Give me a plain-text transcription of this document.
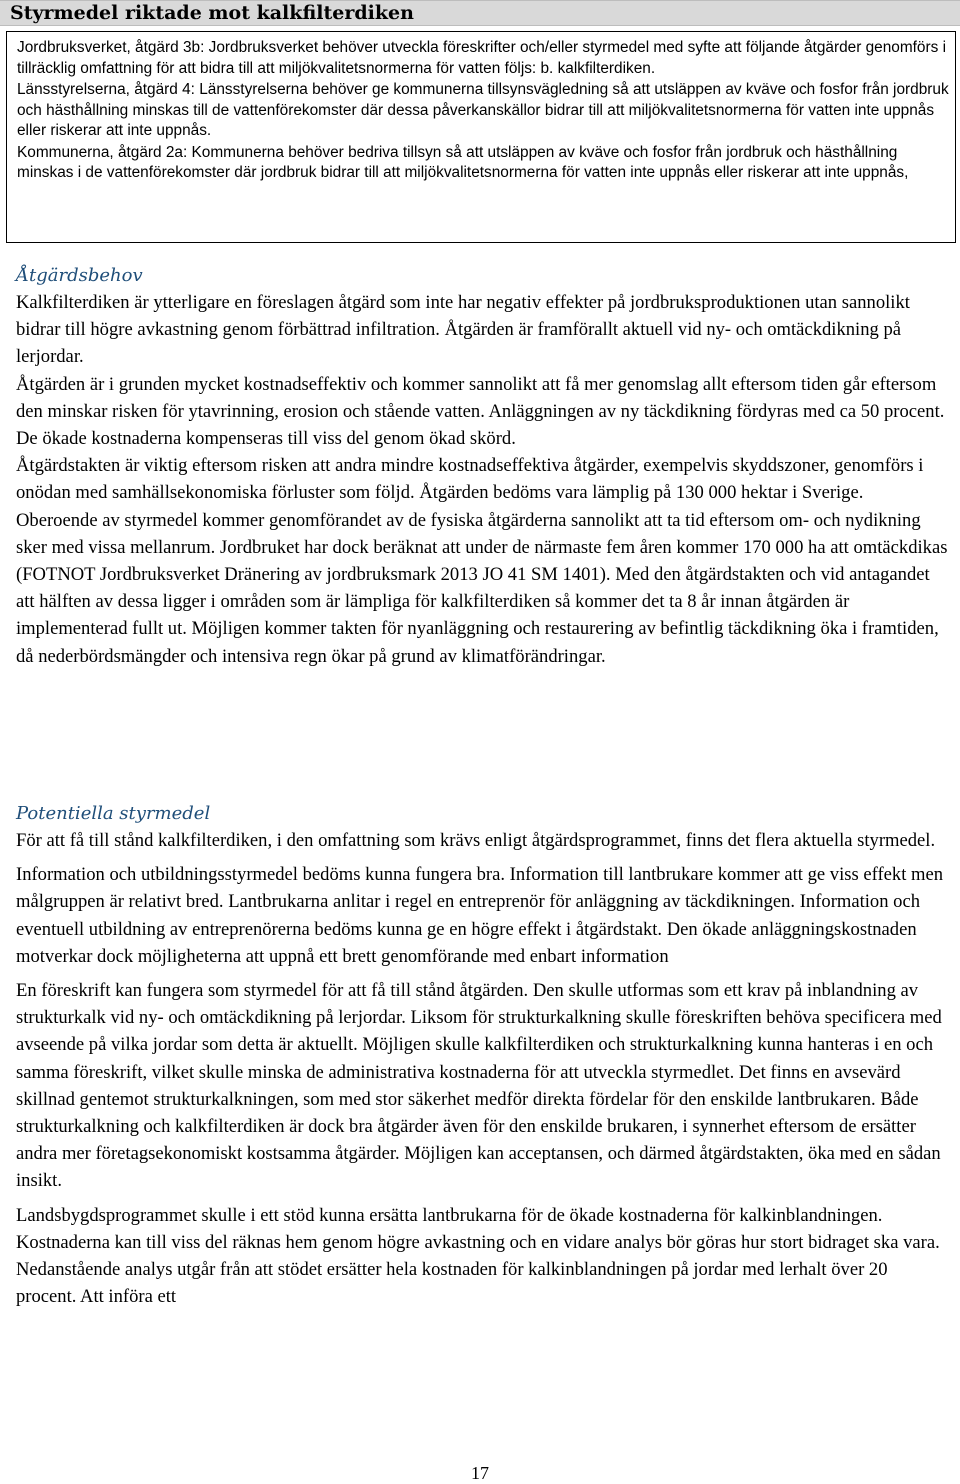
Styrmedel riktade mot kalkfilterdiken

Jordbruksverket, åtgärd 3b: Jordbruksverket behöver utveckla föreskrifter och/eller styrmedel med syfte att följande åtgärder genomförs i tillräcklig omfattning för att bidra till att miljökvalitetsnormerna för vatten följs: b. kalkfilterdiken.

Länsstyrelserna, åtgärd 4: Länsstyrelserna behöver ge kommunerna tillsynsvägledning så att utsläppen av kväve och fosfor från jordbruk och hästhållning minskas till de vattenförekomster där dessa påverkanskällor bidrar till att miljökvalitetsnormerna för vatten inte uppnås eller riskerar att inte uppnås.

Kommunerna, åtgärd 2a: Kommunerna behöver bedriva tillsyn så att utsläppen av kväve och fosfor från jordbruk och hästhållning minskas i de vattenförekomster där jordbruk bidrar till att miljökvalitetsnormerna för vatten inte uppnås eller riskerar att inte uppnås,

Åtgärdsbehov

Kalkfilterdiken är ytterligare en föreslagen åtgärd som inte har negativ effekter på jordbruksproduktionen utan sannolikt bidrar till högre avkastning genom förbättrad infiltration. Åtgärden är framförallt aktuell vid ny- och omtäckdikning på lerjordar.

Åtgärden är i grunden mycket kostnadseffektiv och kommer sannolikt att få mer genomslag allt eftersom tiden går eftersom den minskar risken för ytavrinning, erosion och stående vatten. Anläggningen av ny täckdikning fördyras med ca 50 procent. De ökade kostnaderna kompenseras till viss del genom ökad skörd.

Åtgärdstakten är viktig eftersom risken att andra mindre kostnadseffektiva åtgärder, exempelvis skyddszoner, genomförs i onödan med samhällsekonomiska förluster som följd. Åtgärden bedöms vara lämplig på 130 000 hektar i Sverige.

Oberoende av styrmedel kommer genomförandet av de fysiska åtgärderna sannolikt att ta tid eftersom om- och nydikning sker med vissa mellanrum. Jordbruket har dock beräknat att under de närmaste fem åren kommer 170 000 ha att omtäckdikas (FOTNOT Jordbruksverket Dränering av jordbruksmark 2013 JO 41 SM 1401). Med den åtgärdstakten och vid antagandet att hälften av dessa ligger i områden som är lämpliga för kalkfilterdiken så kommer det ta 8 år innan åtgärden är implementerad fullt ut. Möjligen kommer takten för nyanläggning och restaurering av befintlig täckdikning öka i framtiden, då nederbördsmängder och intensiva regn ökar på grund av klimatförändringar.

Potentiella styrmedel

För att få till stånd kalkfilterdiken, i den omfattning som krävs enligt åtgärdsprogrammet, finns det flera aktuella styrmedel.

Information och utbildningsstyrmedel bedöms kunna fungera bra. Information till lantbrukare kommer att ge viss effekt men målgruppen är relativt bred. Lantbrukarna anlitar i regel en entreprenör för anläggning av täckdikningen. Information och eventuell utbildning av entreprenörerna bedöms kunna ge en högre effekt i åtgärdstakt. Den ökade anläggningskostnaden motverkar dock möjligheterna att uppnå ett brett genomförande med enbart information

En föreskrift kan fungera som styrmedel för att få till stånd åtgärden. Den skulle utformas som ett krav på inblandning av strukturkalk vid ny- och omtäckdikning på lerjordar. Liksom för strukturkalkning skulle föreskriften behöva specificera med avseende på vilka jordar som detta är aktuellt. Möjligen skulle kalkfilterdiken och strukturkalkning kunna hanteras i en och samma föreskrift, vilket skulle minska de administrativa kostnaderna för att utveckla styrmedlet. Det finns en avsevärd skillnad gentemot strukturkalkningen, som med stor säkerhet medför direkta fördelar för den enskilde lantbrukaren. Både strukturkalkning och kalkfilterdiken är dock bra åtgärder även för den enskilde brukaren, i synnerhet eftersom de ersätter andra mer företagsekonomiskt kostsamma åtgärder. Möjligen kan acceptansen, och därmed åtgärdstakten, öka med en sådan insikt.

Landsbygdsprogrammet skulle i ett stöd kunna ersätta lantbrukarna för de ökade kostnaderna för kalkinblandningen. Kostnaderna kan till viss del räknas hem genom högre avkastning och en vidare analys bör göras hur stort bidraget ska vara. Nedanstående analys utgår från att stödet ersätter hela kostnaden för kalkinblandningen på jordar med lerhalt över 20 procent. Att införa ett

17
